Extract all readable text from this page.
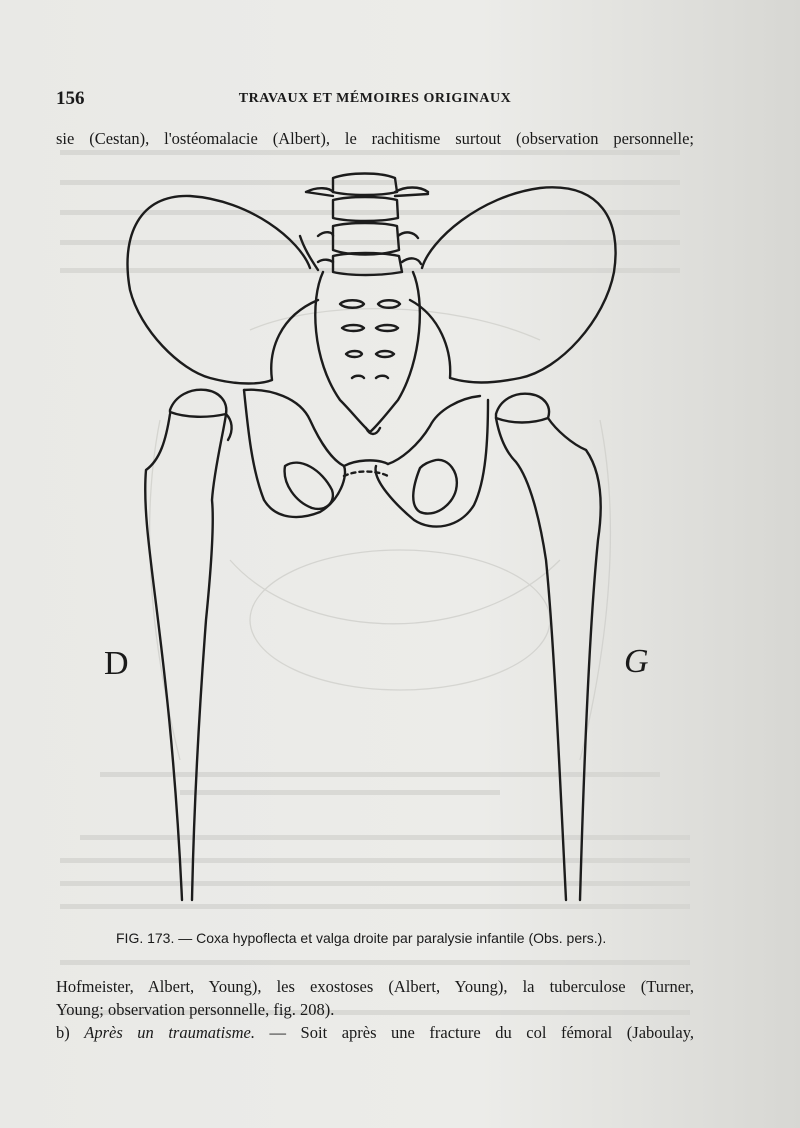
156	TRAVAUX ET MÉMOIRES ORIGINAUX
sie (Cestan), l'ostéomalacie (Albert), le rachitisme surtout (observation personnelle;
D	G
FIG. 173. — Coxa hypoflecta et valga droite par paralysie infantile (Obs. pers.).
Hofmeister, Albert, Young), les exostoses (Albert, Young), la tuberculose (Turner,
Young; observation personnelle, fig. 208).
b) Après un traumatisme. — Soit après une fracture du col fémoral (Jaboulay,
